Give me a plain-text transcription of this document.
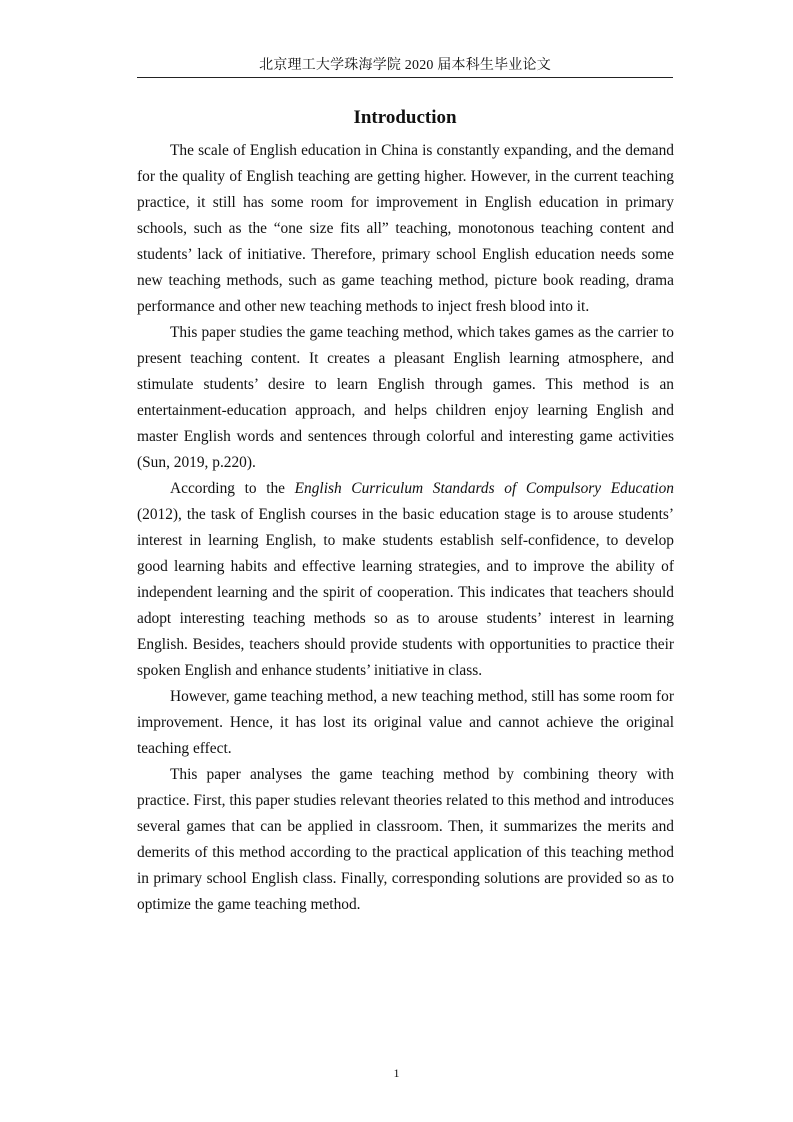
北京理工大学珠海学院 2020 届本科生毕业论文
Introduction

The scale of English education in China is constantly expanding, and the demand for the quality of English teaching are getting higher. However, in the current teaching practice, it still has some room for improvement in English education in primary schools, such as the “one size fits all” teaching, monotonous teaching content and students’ lack of initiative. Therefore, primary school English education needs some new teaching methods, such as game teaching method, picture book reading, drama performance and other new teaching methods to inject fresh blood into it.

This paper studies the game teaching method, which takes games as the carrier to present teaching content. It creates a pleasant English learning atmosphere, and stimulate students’ desire to learn English through games. This method is an entertainment-education approach, and helps children enjoy learning English and master English words and sentences through colorful and interesting game activities (Sun, 2019, p.220).

According to the English Curriculum Standards of Compulsory Education (2012), the task of English courses in the basic education stage is to arouse students’ interest in learning English, to make students establish self-confidence, to develop good learning habits and effective learning strategies, and to improve the ability of independent learning and the spirit of cooperation. This indicates that teachers should adopt interesting teaching methods so as to arouse students’ interest in learning English. Besides, teachers should provide students with opportunities to practice their spoken English and enhance students’ initiative in class.

However, game teaching method, a new teaching method, still has some room for improvement. Hence, it has lost its original value and cannot achieve the original teaching effect.

This paper analyses the game teaching method by combining theory with practice. First, this paper studies relevant theories related to this method and introduces several games that can be applied in classroom. Then, it summarizes the merits and demerits of this method according to the practical application of this teaching method in primary school English class. Finally, corresponding solutions are provided so as to optimize the game teaching method.

1
